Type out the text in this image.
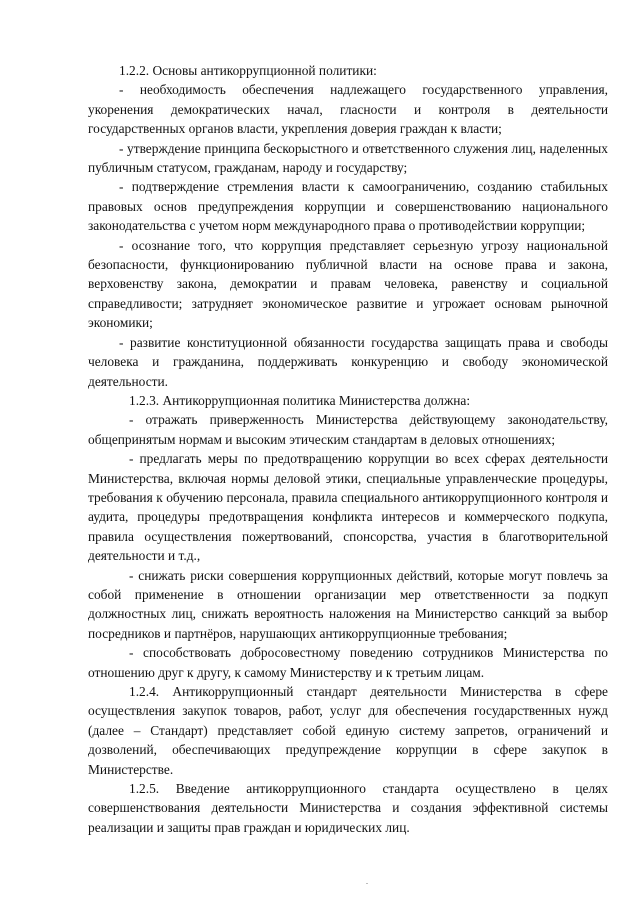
1.2.2. Основы антикоррупционной политики:

- необходимость обеспечения надлежащего государственного управления, укоренения демократических начал, гласности и контроля в деятельности государственных органов власти, укрепления доверия граждан к власти;

- утверждение принципа бескорыстного и ответственного служения лиц, наделенных публичным статусом, гражданам, народу и государству;

- подтверждение стремления власти к самоограничению, созданию стабильных правовых основ предупреждения коррупции и совершенствованию национального законодательства с учетом норм международного права о противодействии коррупции;

- осознание того, что коррупция представляет серьезную угрозу национальной безопасности, функционированию публичной власти на основе права и закона, верховенству закона, демократии и правам человека, равенству и социальной справедливости; затрудняет экономическое развитие и угрожает основам рыночной экономики;

- развитие конституционной обязанности государства защищать права и свободы человека и гражданина, поддерживать конкуренцию и свободу экономической деятельности.

1.2.3. Антикоррупционная политика Министерства должна:

- отражать приверженность Министерства действующему законодательству, общепринятым нормам и высоким этическим стандартам в деловых отношениях;

- предлагать меры по предотвращению коррупции во всех сферах деятельности Министерства, включая нормы деловой этики, специальные управленческие процедуры, требования к обучению персонала, правила специального антикоррупционного контроля и аудита, процедуры предотвращения конфликта интересов и коммерческого подкупа, правила осуществления пожертвований, спонсорства, участия в благотворительной деятельности и т.д.,

- снижать риски совершения коррупционных действий, которые могут повлечь за собой применение в отношении организации мер ответственности за подкуп должностных лиц, снижать вероятность наложения на Министерство санкций за выбор посредников и партнёров, нарушающих антикоррупционные требования;

- способствовать добросовестному поведению сотрудников Министерства по отношению друг к другу, к самому Министерству и к третьим лицам.

1.2.4. Антикоррупционный стандарт деятельности Министерства в сфере осуществления закупок товаров, работ, услуг для обеспечения государственных нужд (далее – Стандарт) представляет собой единую систему запретов, ограничений и дозволений, обеспечивающих предупреждение коррупции в сфере закупок в Министерстве.

1.2.5. Введение антикоррупционного стандарта осуществлено в целях совершенствования деятельности Министерства и создания эффективной системы реализации и защиты прав граждан и юридических лиц.
